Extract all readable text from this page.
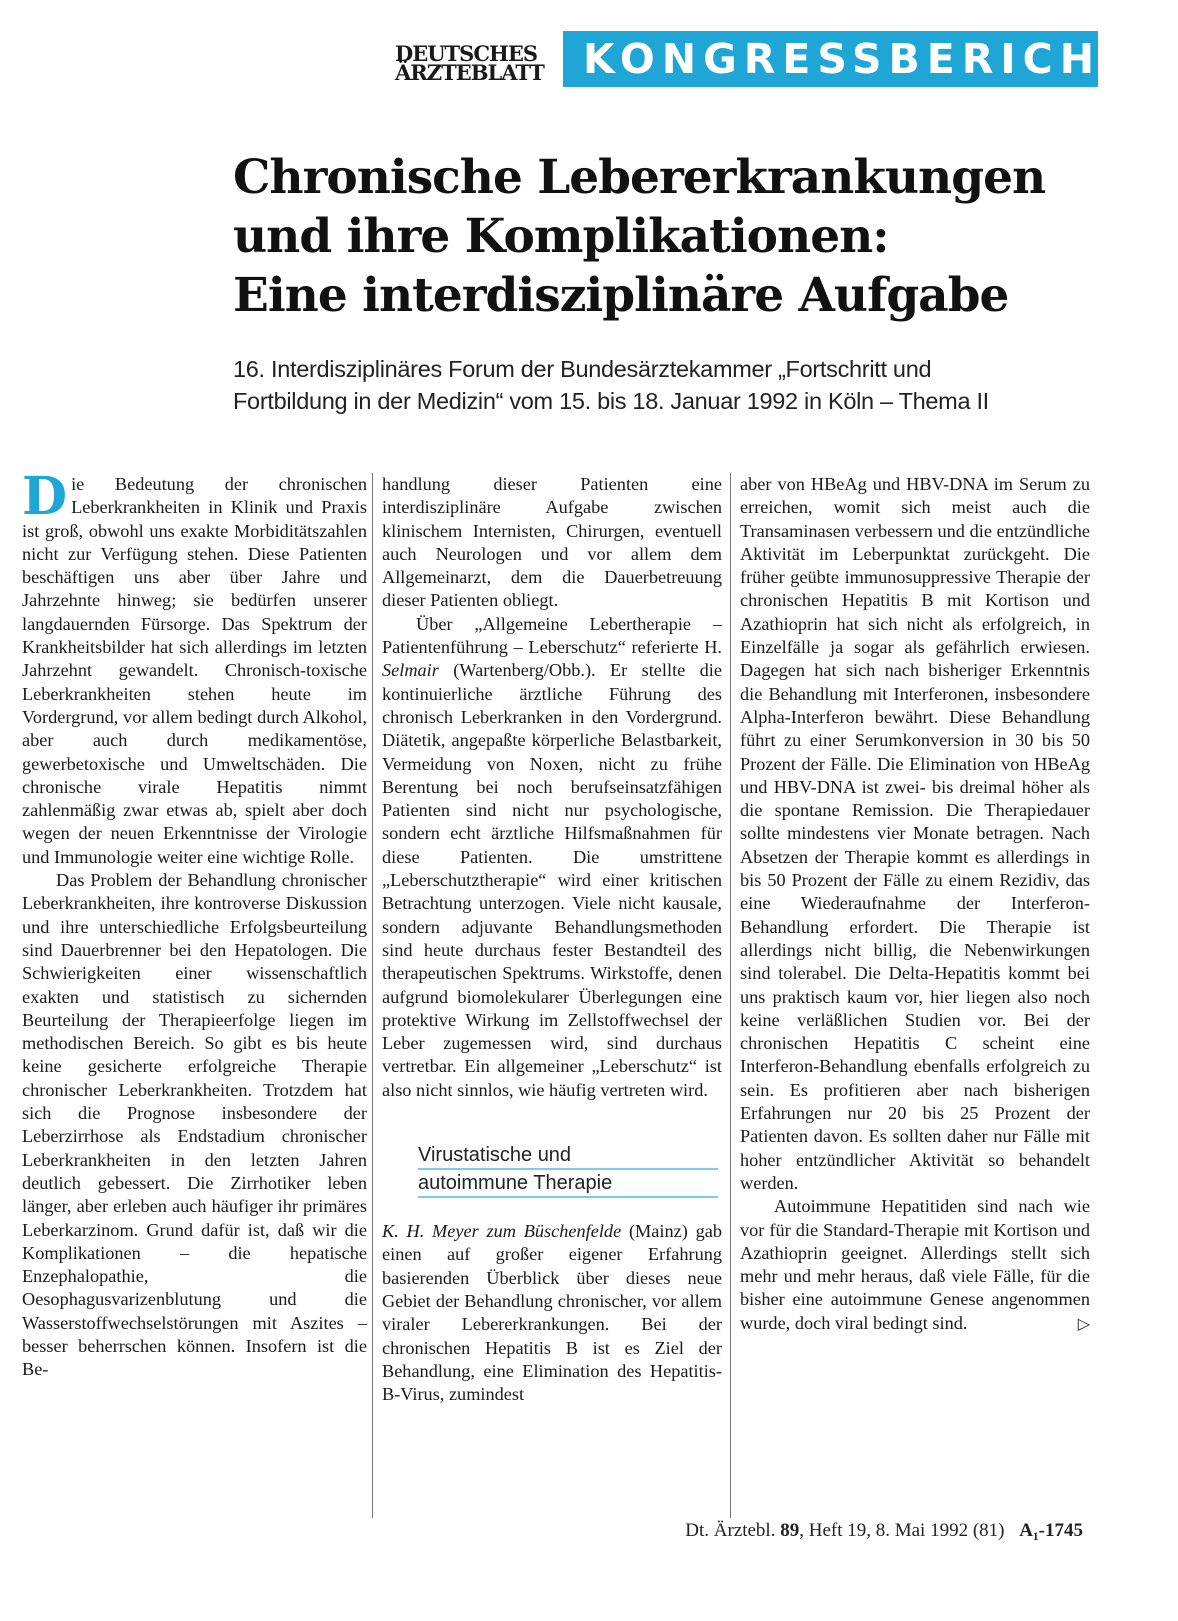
DEUTSCHES
ÄRZTEBLATT KONGRESSBERICHT
Chronische Lebererkrankungen
und ihre Komplikationen:
Eine interdisziplinäre Aufgabe

16. Interdisziplinäres Forum der Bundesärztekammer „Fortschritt und
Fortbildung in der Medizin“ vom 15. bis 18. Januar 1992 in Köln – Thema II

Die Bedeutung der chronischen Leberkrankheiten in Klinik und Praxis ist groß, obwohl uns exakte Morbiditätszahlen nicht zur Verfügung stehen. Diese Patienten beschäftigen uns aber über Jahre und Jahrzehnte hinweg; sie bedürfen unserer langdauernden Fürsorge. Das Spektrum der Krankheitsbilder hat sich allerdings im letzten Jahrzehnt gewandelt. Chronisch-toxische Leberkrankheiten stehen heute im Vordergrund, vor allem bedingt durch Alkohol, aber auch durch medikamentöse, gewerbetoxische und Umweltschäden. Die chronische virale Hepatitis nimmt zahlenmäßig zwar etwas ab, spielt aber doch wegen der neuen Erkenntnisse der Virologie und Immunologie weiter eine wichtige Rolle.

Das Problem der Behandlung chronischer Leberkrankheiten, ihre kontroverse Diskussion und ihre unterschiedliche Erfolgsbeurteilung sind Dauerbrenner bei den Hepatologen. Die Schwierigkeiten einer wissenschaftlich exakten und statistisch zu sichernden Beurteilung der Therapieerfolge liegen im methodischen Bereich. So gibt es bis heute keine gesicherte erfolgreiche Therapie chronischer Leberkrankheiten. Trotzdem hat sich die Prognose insbesondere der Leberzirrhose als Endstadium chronischer Leberkrankheiten in den letzten Jahren deutlich gebessert. Die Zirrhotiker leben länger, aber erleben auch häufiger ihr primäres Leberkarzinom. Grund dafür ist, daß wir die Komplikationen – die hepatische Enzephalopathie, die Oesophagusvarizenblutung und die Wasserstoffwechselstörungen mit Aszites – besser beherrschen können. Insofern ist die Be-

handlung dieser Patienten eine interdisziplinäre Aufgabe zwischen klinischem Internisten, Chirurgen, eventuell auch Neurologen und vor allem dem Allgemeinarzt, dem die Dauerbetreuung dieser Patienten obliegt.

Über „Allgemeine Lebertherapie – Patientenführung – Leberschutz“ referierte H. Selmair (Wartenberg/Obb.). Er stellte die kontinuierliche ärztliche Führung des chronisch Leberkranken in den Vordergrund. Diätetik, angepaßte körperliche Belastbarkeit, Vermeidung von Noxen, nicht zu frühe Berentung bei noch berufseinsatzfähigen Patienten sind nicht nur psychologische, sondern echt ärztliche Hilfsmaßnahmen für diese Patienten. Die umstrittene „Leberschutztherapie“ wird einer kritischen Betrachtung unterzogen. Viele nicht kausale, sondern adjuvante Behandlungsmethoden sind heute durchaus fester Bestandteil des therapeutischen Spektrums. Wirkstoffe, denen aufgrund biomolekularer Überlegungen eine protektive Wirkung im Zellstoffwechsel der Leber zugemessen wird, sind durchaus vertretbar. Ein allgemeiner „Leberschutz“ ist also nicht sinnlos, wie häufig vertreten wird.

Virustatische und
autoimmune Therapie

K. H. Meyer zum Büschenfelde (Mainz) gab einen auf großer eigener Erfahrung basierenden Überblick über dieses neue Gebiet der Behandlung chronischer, vor allem viraler Lebererkrankungen. Bei der chronischen Hepatitis B ist es Ziel der Behandlung, eine Elimination des Hepatitis-B-Virus, zumindest

aber von HBeAg und HBV-DNA im Serum zu erreichen, womit sich meist auch die Transaminasen verbessern und die entzündliche Aktivität im Leberpunktat zurückgeht. Die früher geübte immunosuppressive Therapie der chronischen Hepatitis B mit Kortison und Azathioprin hat sich nicht als erfolgreich, in Einzelfälle ja sogar als gefährlich erwiesen. Dagegen hat sich nach bisheriger Erkenntnis die Behandlung mit Interferonen, insbesondere Alpha-Interferon bewährt. Diese Behandlung führt zu einer Serumkonversion in 30 bis 50 Prozent der Fälle. Die Elimination von HBeAg und HBV-DNA ist zwei- bis dreimal höher als die spontane Remission. Die Therapiedauer sollte mindestens vier Monate betragen. Nach Absetzen der Therapie kommt es allerdings in bis 50 Prozent der Fälle zu einem Rezidiv, das eine Wiederaufnahme der Interferon-Behandlung erfordert. Die Therapie ist allerdings nicht billig, die Nebenwirkungen sind tolerabel. Die Delta-Hepatitis kommt bei uns praktisch kaum vor, hier liegen also noch keine verläßlichen Studien vor. Bei der chronischen Hepatitis C scheint eine Interferon-Behandlung ebenfalls erfolgreich zu sein. Es profitieren aber nach bisherigen Erfahrungen nur 20 bis 25 Prozent der Patienten davon. Es sollten daher nur Fälle mit hoher entzündlicher Aktivität so behandelt werden.

Autoimmune Hepatitiden sind nach wie vor für die Standard-Therapie mit Kortison und Azathioprin geeignet. Allerdings stellt sich mehr und mehr heraus, daß viele Fälle, für die bisher eine autoimmune Genese angenommen wurde, doch viral bedingt sind.	▷

Dt. Ärztebl. 89, Heft 19, 8. Mai 1992 (81) A₁-1745
